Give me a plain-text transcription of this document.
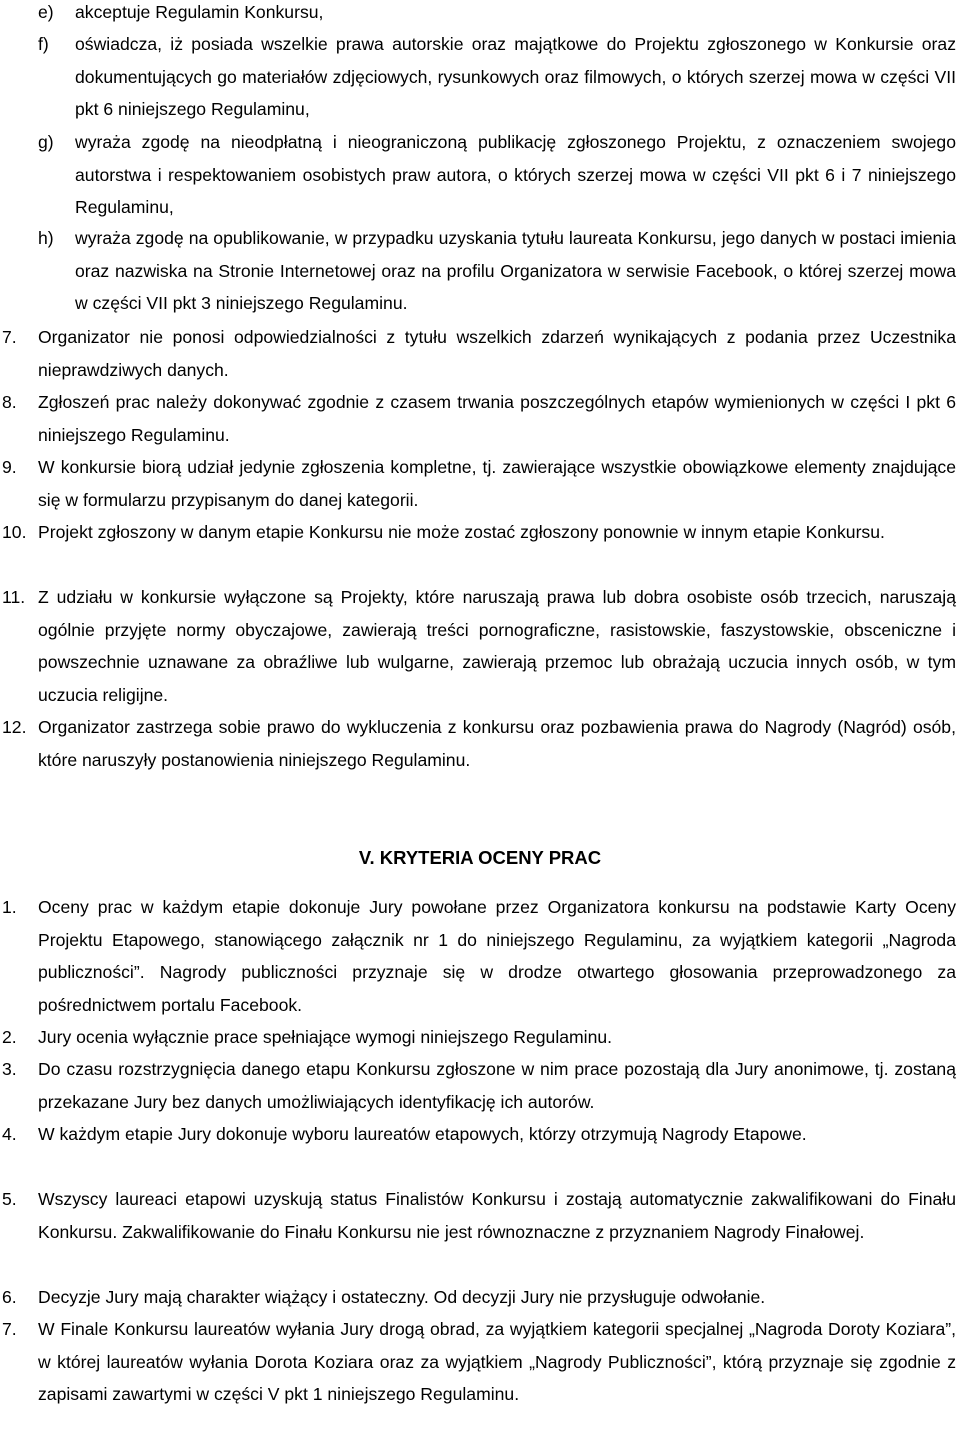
e) akceptuje Regulamin Konkursu,
f) oświadcza, iż posiada wszelkie prawa autorskie oraz majątkowe do Projektu zgłoszonego w Konkursie oraz dokumentujących go materiałów zdjęciowych, rysunkowych oraz filmowych, o których szerzej mowa w części VII pkt 6 niniejszego Regulaminu,
g) wyraża zgodę na nieodpłatną i nieograniczoną publikację zgłoszonego Projektu, z oznaczeniem swojego autorstwa i respektowaniem osobistych praw autora, o których szerzej mowa w części VII pkt 6 i 7 niniejszego Regulaminu,
h) wyraża zgodę na opublikowanie, w przypadku uzyskania tytułu laureata Konkursu, jego danych w postaci imienia oraz nazwiska na Stronie Internetowej oraz na profilu Organizatora w serwisie Facebook, o której szerzej mowa w części VII pkt 3 niniejszego Regulaminu.
7. Organizator nie ponosi odpowiedzialności z tytułu wszelkich zdarzeń wynikających z podania przez Uczestnika nieprawdziwych danych.
8. Zgłoszeń prac należy dokonywać zgodnie z czasem trwania poszczególnych etapów wymienionych w części I pkt 6 niniejszego Regulaminu.
9. W konkursie biorą udział jedynie zgłoszenia kompletne, tj. zawierające wszystkie obowiązkowe elementy znajdujące się w formularzu przypisanym do danej kategorii.
10. Projekt zgłoszony w danym etapie Konkursu nie może zostać zgłoszony ponownie w innym etapie Konkursu.
11. Z udziału w konkursie wyłączone są Projekty, które naruszają prawa lub dobra osobiste osób trzecich, naruszają ogólnie przyjęte normy obyczajowe, zawierają treści pornograficzne, rasistowskie, faszystowskie, obsceniczne i powszechnie uznawane za obraźliwe lub wulgarne, zawierają przemoc lub obrażają uczucia innych osób, w tym uczucia religijne.
12. Organizator zastrzega sobie prawo do wykluczenia z konkursu oraz pozbawienia prawa do Nagrody (Nagród) osób, które naruszyły postanowienia niniejszego Regulaminu.
V. KRYTERIA OCENY PRAC
1. Oceny prac w każdym etapie dokonuje Jury powołane przez Organizatora konkursu na podstawie Karty Oceny Projektu Etapowego, stanowiącego załącznik nr 1 do niniejszego Regulaminu, za wyjątkiem kategorii „Nagroda publiczności”. Nagrody publiczności przyznaje się w drodze otwartego głosowania przeprowadzonego za pośrednictwem portalu Facebook.
2. Jury ocenia wyłącznie prace spełniające wymogi niniejszego Regulaminu.
3. Do czasu rozstrzygnięcia danego etapu Konkursu zgłoszone w nim prace pozostają dla Jury anonimowe, tj. zostaną przekazane Jury bez danych umożliwiających identyfikację ich autorów.
4. W każdym etapie Jury dokonuje wyboru laureatów etapowych, którzy otrzymują Nagrody Etapowe.
5. Wszyscy laureaci etapowi uzyskują status Finalistów Konkursu i zostają automatycznie zakwalifikowani do Finału Konkursu. Zakwalifikowanie do Finału Konkursu nie jest równoznaczne z przyznaniem Nagrody Finałowej.
6. Decyzje Jury mają charakter wiążący i ostateczny. Od decyzji Jury nie przysługuje odwołanie.
7. W Finale Konkursu laureatów wyłania Jury drogą obrad, za wyjątkiem kategorii specjalnej „Nagroda Doroty Koziara”, w której laureatów wyłania Dorota Koziara oraz za wyjątkiem „Nagrody Publiczności”, którą przyznaje się zgodnie z zapisami zawartymi w części V pkt 1 niniejszego Regulaminu.
